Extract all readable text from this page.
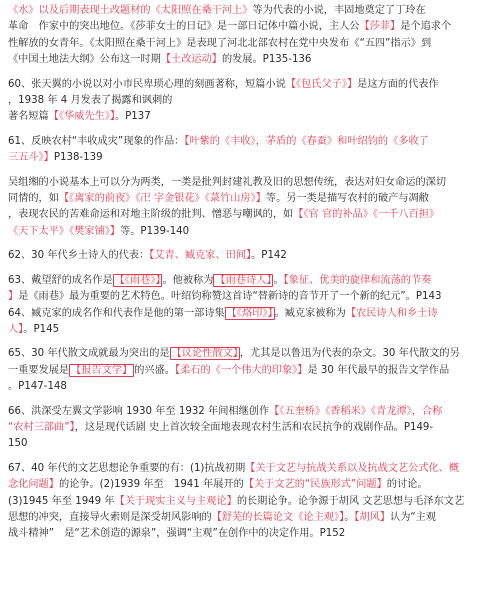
《水》以及后期表现土改题材的《太阳照在桑干河上》等为代表的小说，丰固地奠定了丁玲在
革命　作家中的突出地位。《莎菲女士的日记》是一部日记体中篇小说，主人公【莎菲】是个追求个
性解放的女青年。《太阳照在桑干河上》是表现了河北北部农村在党中央发布《“五四”指示》到
《中国土地法大纲》公布这一时期【土改运动】的发展。P135-136
60、张天翼的小说以对小市民卑琐心理的刻画著称，短篇小说【《包氏父子》】是这方面的代表作
，1938 年 4 月发表了揭露和讽刺的
著名短篇【《华威先生》】。P137
61、反映农村“丰收成灾”现象的作品：【叶紫的《丰收》，茅盾的《春蚕》和叶绍钧的《多收了
三五斗》】P138-139
吴组缃的小说基本上可以分为两类，一类是批判封建礼教及旧的思想传统，表达对妇女命运的深切
同情的，如【《离家的前夜》《卍 字金银花》《菉竹山房》】等。另一类是描写农村的破产与凋敝
，表现农民的苦难命运和对地主阶级的批判、憎恶与嘲讽的，如【《官 官的补品》《一千八百担》
《天下太平》《樊家铺》】等。P139-140
62、30 年代乡土诗人的代表：【艾青、臧克家、田间】。P142
63、戴望舒的成名作是 【《雨巷》】 。他被称为 【雨巷诗人】 。【象征、优美的旋律和流荡的节奏
】是《雨巷》最为重要的艺术特色。叶绍钧称赞这首诗“替新诗的音节开了一个新的纪元”。P143
64、臧克家的成名作和代表作是他的第一部诗集 【《烙印》】 。臧克家被称为【农民诗人和乡土诗
人】。P145
65、30 年代散文成就最为突出的是 【议论性散文】 ，尤其是以鲁迅为代表的杂文。30 年代散文的另
一重要发展是 【报告文学】 的兴盛。【柔石的《一个伟大的印象》】是 30 年代最早的报告文学作品
。P147-148
66、洪深受左翼文学影响 1930 年至 1932 年间相继创作【《五奎桥》《香稻米》《青龙潭》，合称
“农村三部曲”】，这是现代话剧 史上首次较全面地表现农村生活和农民抗争的戏剧作品。P149-
150
67、40 年代的文艺思想论争重要的有：(1)抗战初期【关于文艺与抗战关系以及抗战文艺公式化、概
念化问题】的论争。(2)1939 年至　1941 年展开的【关于文艺的“民族形式”问题】的讨论。
(3)1945 年至 1949 年【关于现实主义与主观论】的长期论争。论争源于胡风 文艺思想与毛泽东文艺
思想的冲突，直接导火索则是深受胡风影响的【舒芜的长篇论文《论主观》】。【胡风】认为“主观
战斗精神”　是“艺术创造的源泉”，强调“主观”在创作中的决定作用。P152
